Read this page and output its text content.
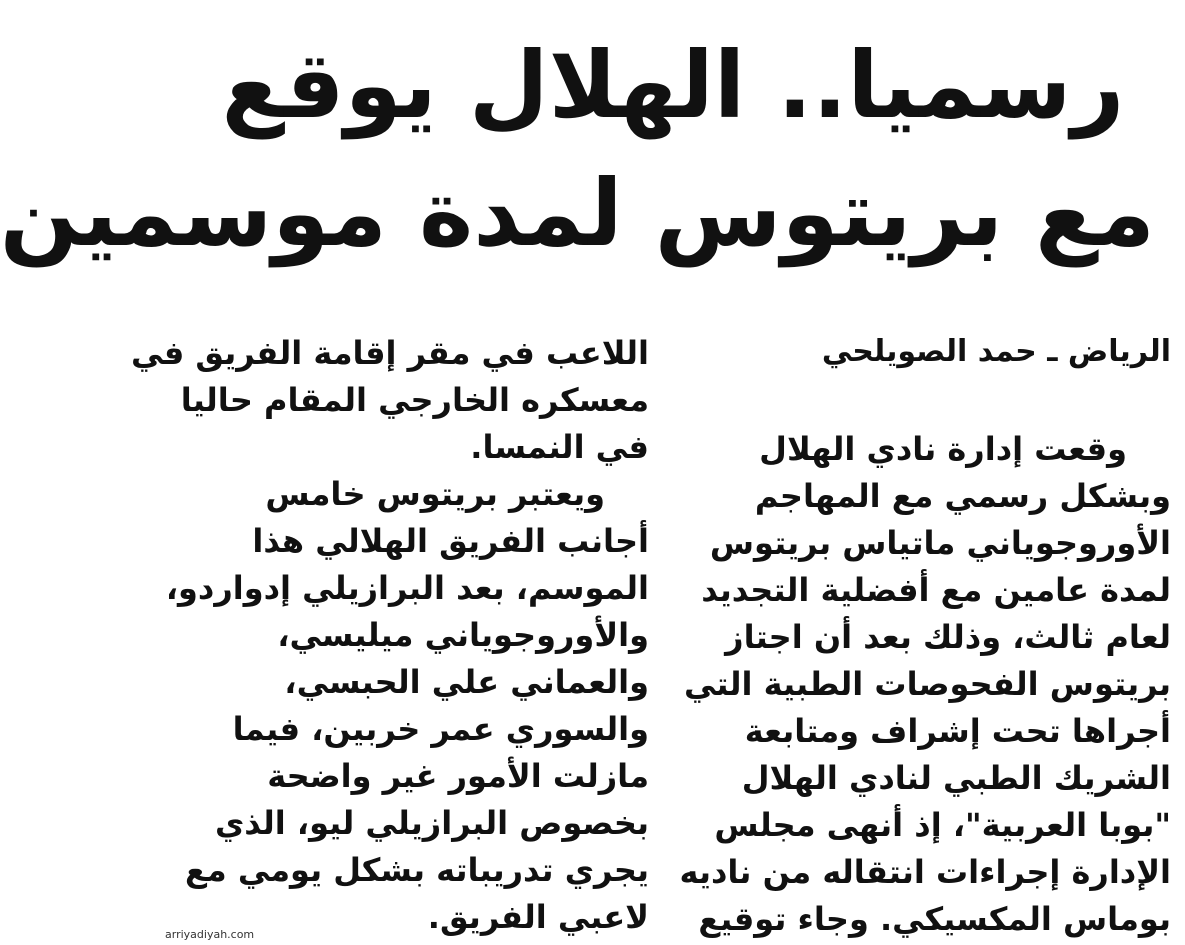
رسميا.. الهلال يوقع
مع بريتوس لمدة موسمين
الرياض ـ حمد الصويلحي
وقعت إدارة نادي الهلال
وبشكل رسمي مع المهاجم
الأوروجوياني ماتياس بريتوس
لمدة عامين مع أفضلية التجديد
لعام ثالث، وذلك بعد أن اجتاز
بريتوس الفحوصات الطبية التي
أجراها تحت إشراف ومتابعة
الشريك الطبي لنادي الهلال
"بوبا العربية"، إذ أنهى مجلس
الإدارة إجراءات انتقاله من ناديه
بوماس المكسيكي. وجاء توقيع
اللاعب في مقر إقامة الفريق في
معسكره الخارجي المقام حاليا
في النمسا.
ويعتبر بريتوس خامس
أجانب الفريق الهلالي هذا
الموسم، بعد البرازيلي إدواردو،
والأوروجوياني ميليسي،
والعماني علي الحبسي،
والسوري عمر خربين، فيما
مازلت الأمور غير واضحة
بخصوص البرازيلي ليو، الذي
يجري تدريباته بشكل يومي مع
لاعبي الفريق.
arriyadiyah.com
